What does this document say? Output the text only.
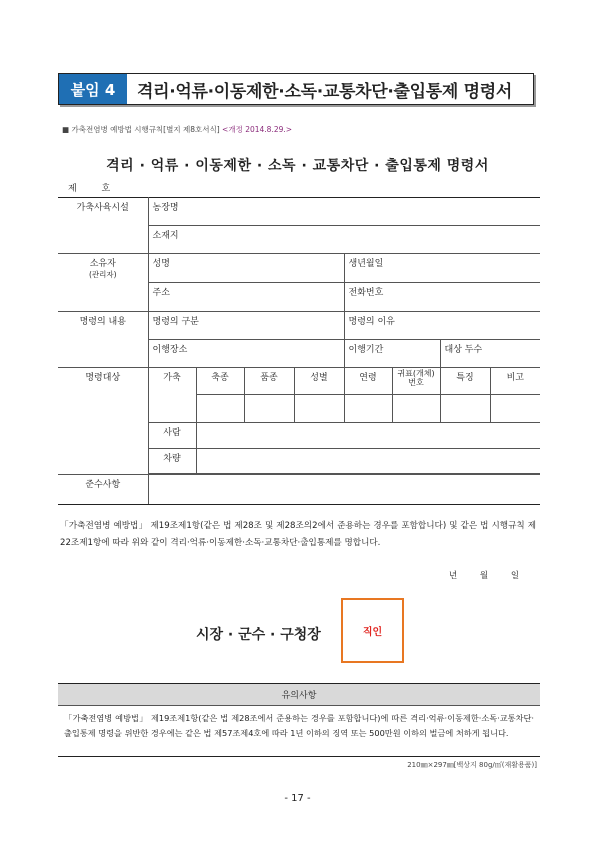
붙임 4	격리·억류·이동제한·소독·교통차단·출입통제 명령서
■ 가축전염병 예방법 시행규칙[별지 제8호서식] <개정 2014.8.29.>
격리 · 억류 · 이동제한 · 소독 · 교통차단 · 출입통제 명령서
제 호
가축사육시설	농장명							
	소재지							
소유자
(관리자)	성명				생년월일			
	주소				전화번호			
명령의 내용	명령의 구분				명령의 이유			
	이행장소				이행기간		대상 두수	
명령대상	가축	축종	품종	성별	연령	귀표(개체)번호	특징	비고

	사람							
	차량							

준수사항								
「가축전염병 예방법」 제19조제1항(같은 법 제28조 및 제28조의2에서 준용하는 경우를 포함합니다) 및 같은 법 시행규칙 제22조제1항에 따라 위와 같이 격리·억류·이동제한·소독·교통차단·출입통제를 명합니다.
년 월 일
시장 · 군수 · 구청장	직인
유의사항
「가축전염병 예방법」 제19조제1항(같은 법 제28조에서 준용하는 경우를 포함합니다)에 따른 격리·억류·이동제한·소독·교통차단·출입통제 명령을 위반한 경우에는 같은 법 제57조제4호에 따라 1년 이하의 징역 또는 500만원 이하의 벌금에 처하게 됩니다.
210㎜×297㎜[백상지 80g/㎡(재활용품)]
- 17 -
